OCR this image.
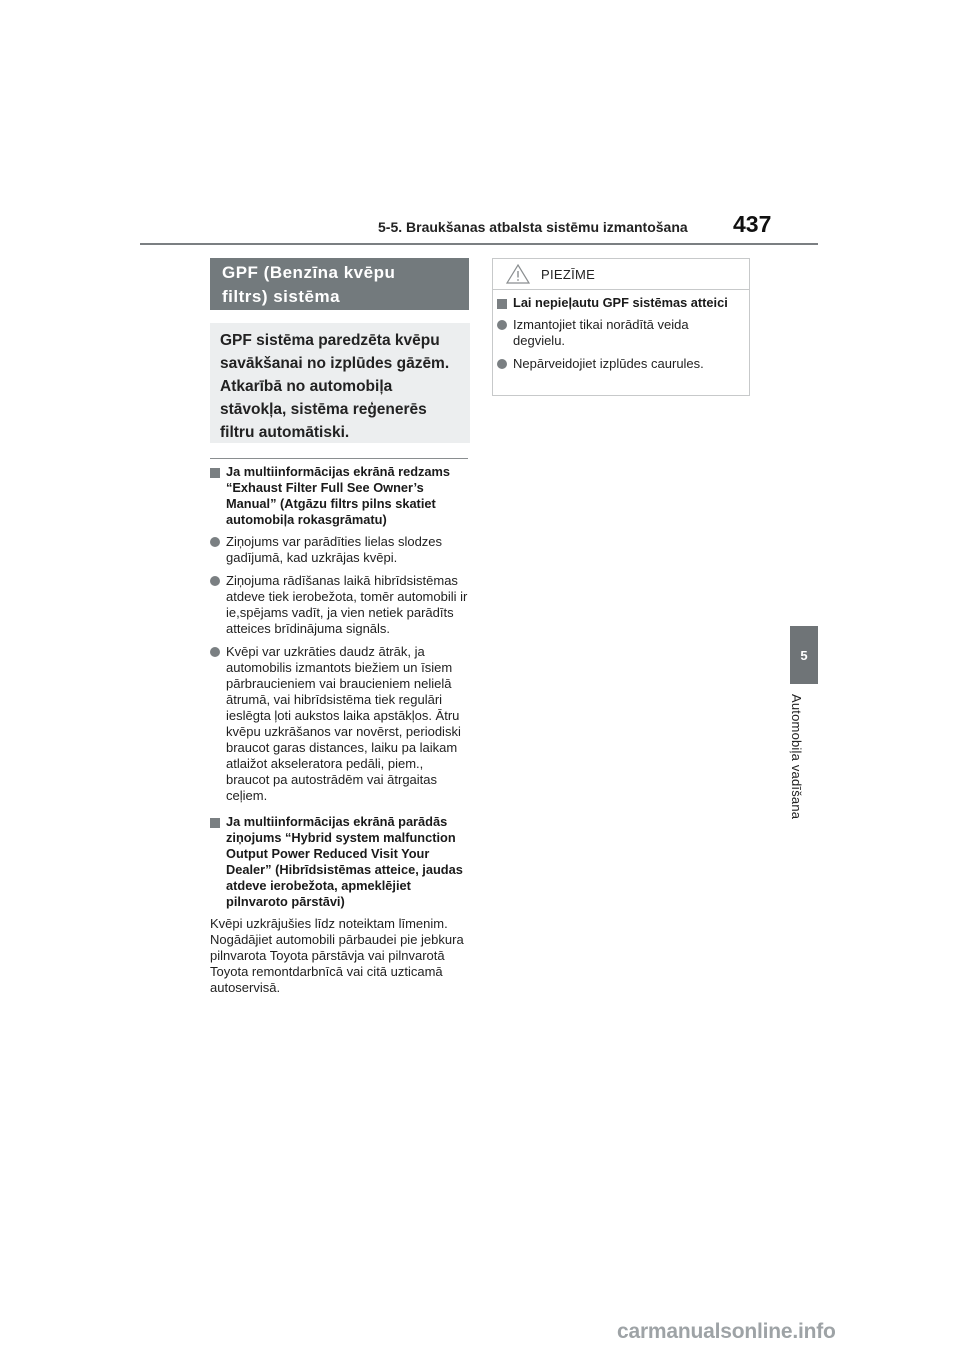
5-5. Braukšanas atbalsta sistēmu izmantošana 437
5
Automobiļa vadīšana
GPF (Benzīna kvēpu
filtrs) sistēma
GPF sistēma paredzēta kvēpu
savākšanai no izplūdes gāzēm.
Atkarībā no automobiļa
stāvokļa, sistēma reģenerēs
filtru automātiski.
Ja multiinformācijas ekrānā redzams “Exhaust Filter Full See Owner’s Manual” (Atgāzu filtrs pilns skatiet automobiļa rokasgrāmatu)
Ziņojums var parādīties lielas slodzes gadījumā, kad uzkrājas kvēpi.
Ziņojuma rādīšanas laikā hibrīdsistēmas atdeve tiek ierobežota, tomēr automobili ir ie,spējams vadīt, ja vien netiek parādīts atteices brīdinājuma signāls.
Kvēpi var uzkrāties daudz ātrāk, ja automobilis izmantots biežiem un īsiem pārbraucieniem vai braucieniem nelielā ātrumā, vai hibrīdsistēma tiek regulāri ieslēgta ļoti aukstos laika apstākļos. Ātru kvēpu uzkrāšanos var novērst, periodiski braucot garas distances, laiku pa laikam atlaižot akseleratora pedāli, piem., braucot pa autostrādēm vai ātrgaitas ceļiem.
Ja multiinformācijas ekrānā parādās ziņojums “Hybrid system malfunction Output Power Reduced Visit Your Dealer” (Hibrīdsistēmas atteice, jaudas atdeve ierobežota, apmeklējiet pilnvaroto pārstāvi)
Kvēpi uzkrājušies līdz noteiktam līmenim. Nogādājiet automobili pārbaudei pie jebkura pilnvarota Toyota pārstāvja vai pilnvarotā Toyota remontdarbnīcā vai citā uzticamā autoservisā.
PIEZĪME
Lai nepieļautu GPF sistēmas atteici
Izmantojiet tikai norādītā veida degvielu.
Nepārveidojiet izplūdes caurules.
carmanualsonline.info
